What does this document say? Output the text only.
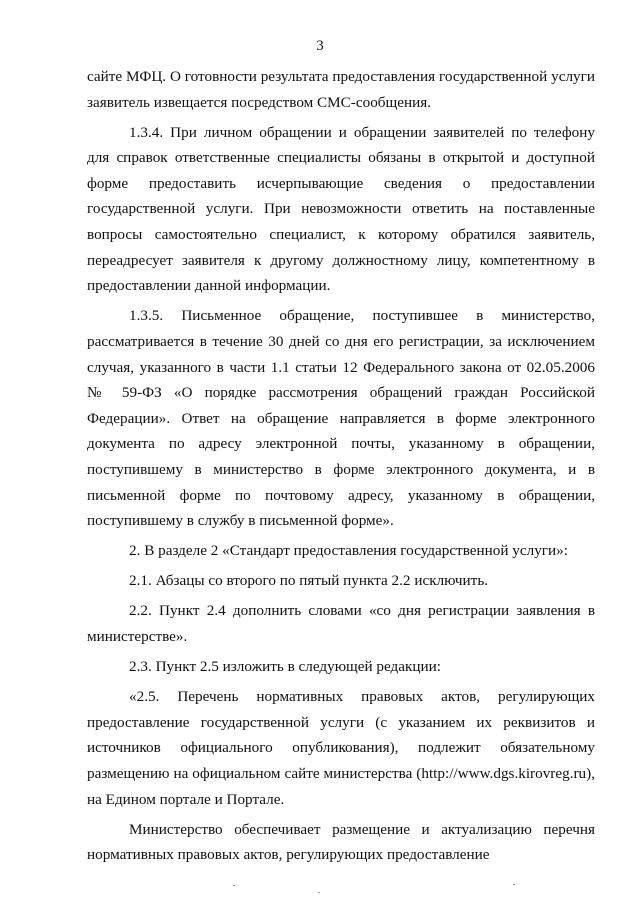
3

сайте МФЦ. О готовности результата предоставления государственной услуги заявитель извещается посредством СМС-сообщения.

1.3.4. При личном обращении и обращении заявителей по телефону для справок ответственные специалисты обязаны в открытой и доступной форме предоставить исчерпывающие сведения о предоставлении государственной услуги. При невозможности ответить на поставленные вопросы самостоятельно специалист, к которому обратился заявитель, переадресует заявителя к другому должностному лицу, компетентному в предоставлении данной информации.

1.3.5. Письменное обращение, поступившее в министерство, рассматривается в течение 30 дней со дня его регистрации, за исключением случая, указанного в части 1.1 статьи 12 Федерального закона от 02.05.2006 № 59-ФЗ «О порядке рассмотрения обращений граждан Российской Федерации». Ответ на обращение направляется в форме электронного документа по адресу электронной почты, указанному в обращении, поступившему в министерство в форме электронного документа, и в письменной форме по почтовому адресу, указанному в обращении, поступившему в службу в письменной форме».

2. В разделе 2 «Стандарт предоставления государственной услуги»:

2.1. Абзацы со второго по пятый пункта 2.2 исключить.

2.2. Пункт 2.4 дополнить словами «со дня регистрации заявления в министерстве».

2.3. Пункт 2.5 изложить в следующей редакции:

«2.5. Перечень нормативных правовых актов, регулирующих предоставление государственной услуги (с указанием их реквизитов и источников официального опубликования), подлежит обязательному размещению на официальном сайте министерства (http://www.dgs.kirovreg.ru), на Едином портале и Портале.

Министерство обеспечивает размещение и актуализацию перечня нормативных правовых актов, регулирующих предоставление
